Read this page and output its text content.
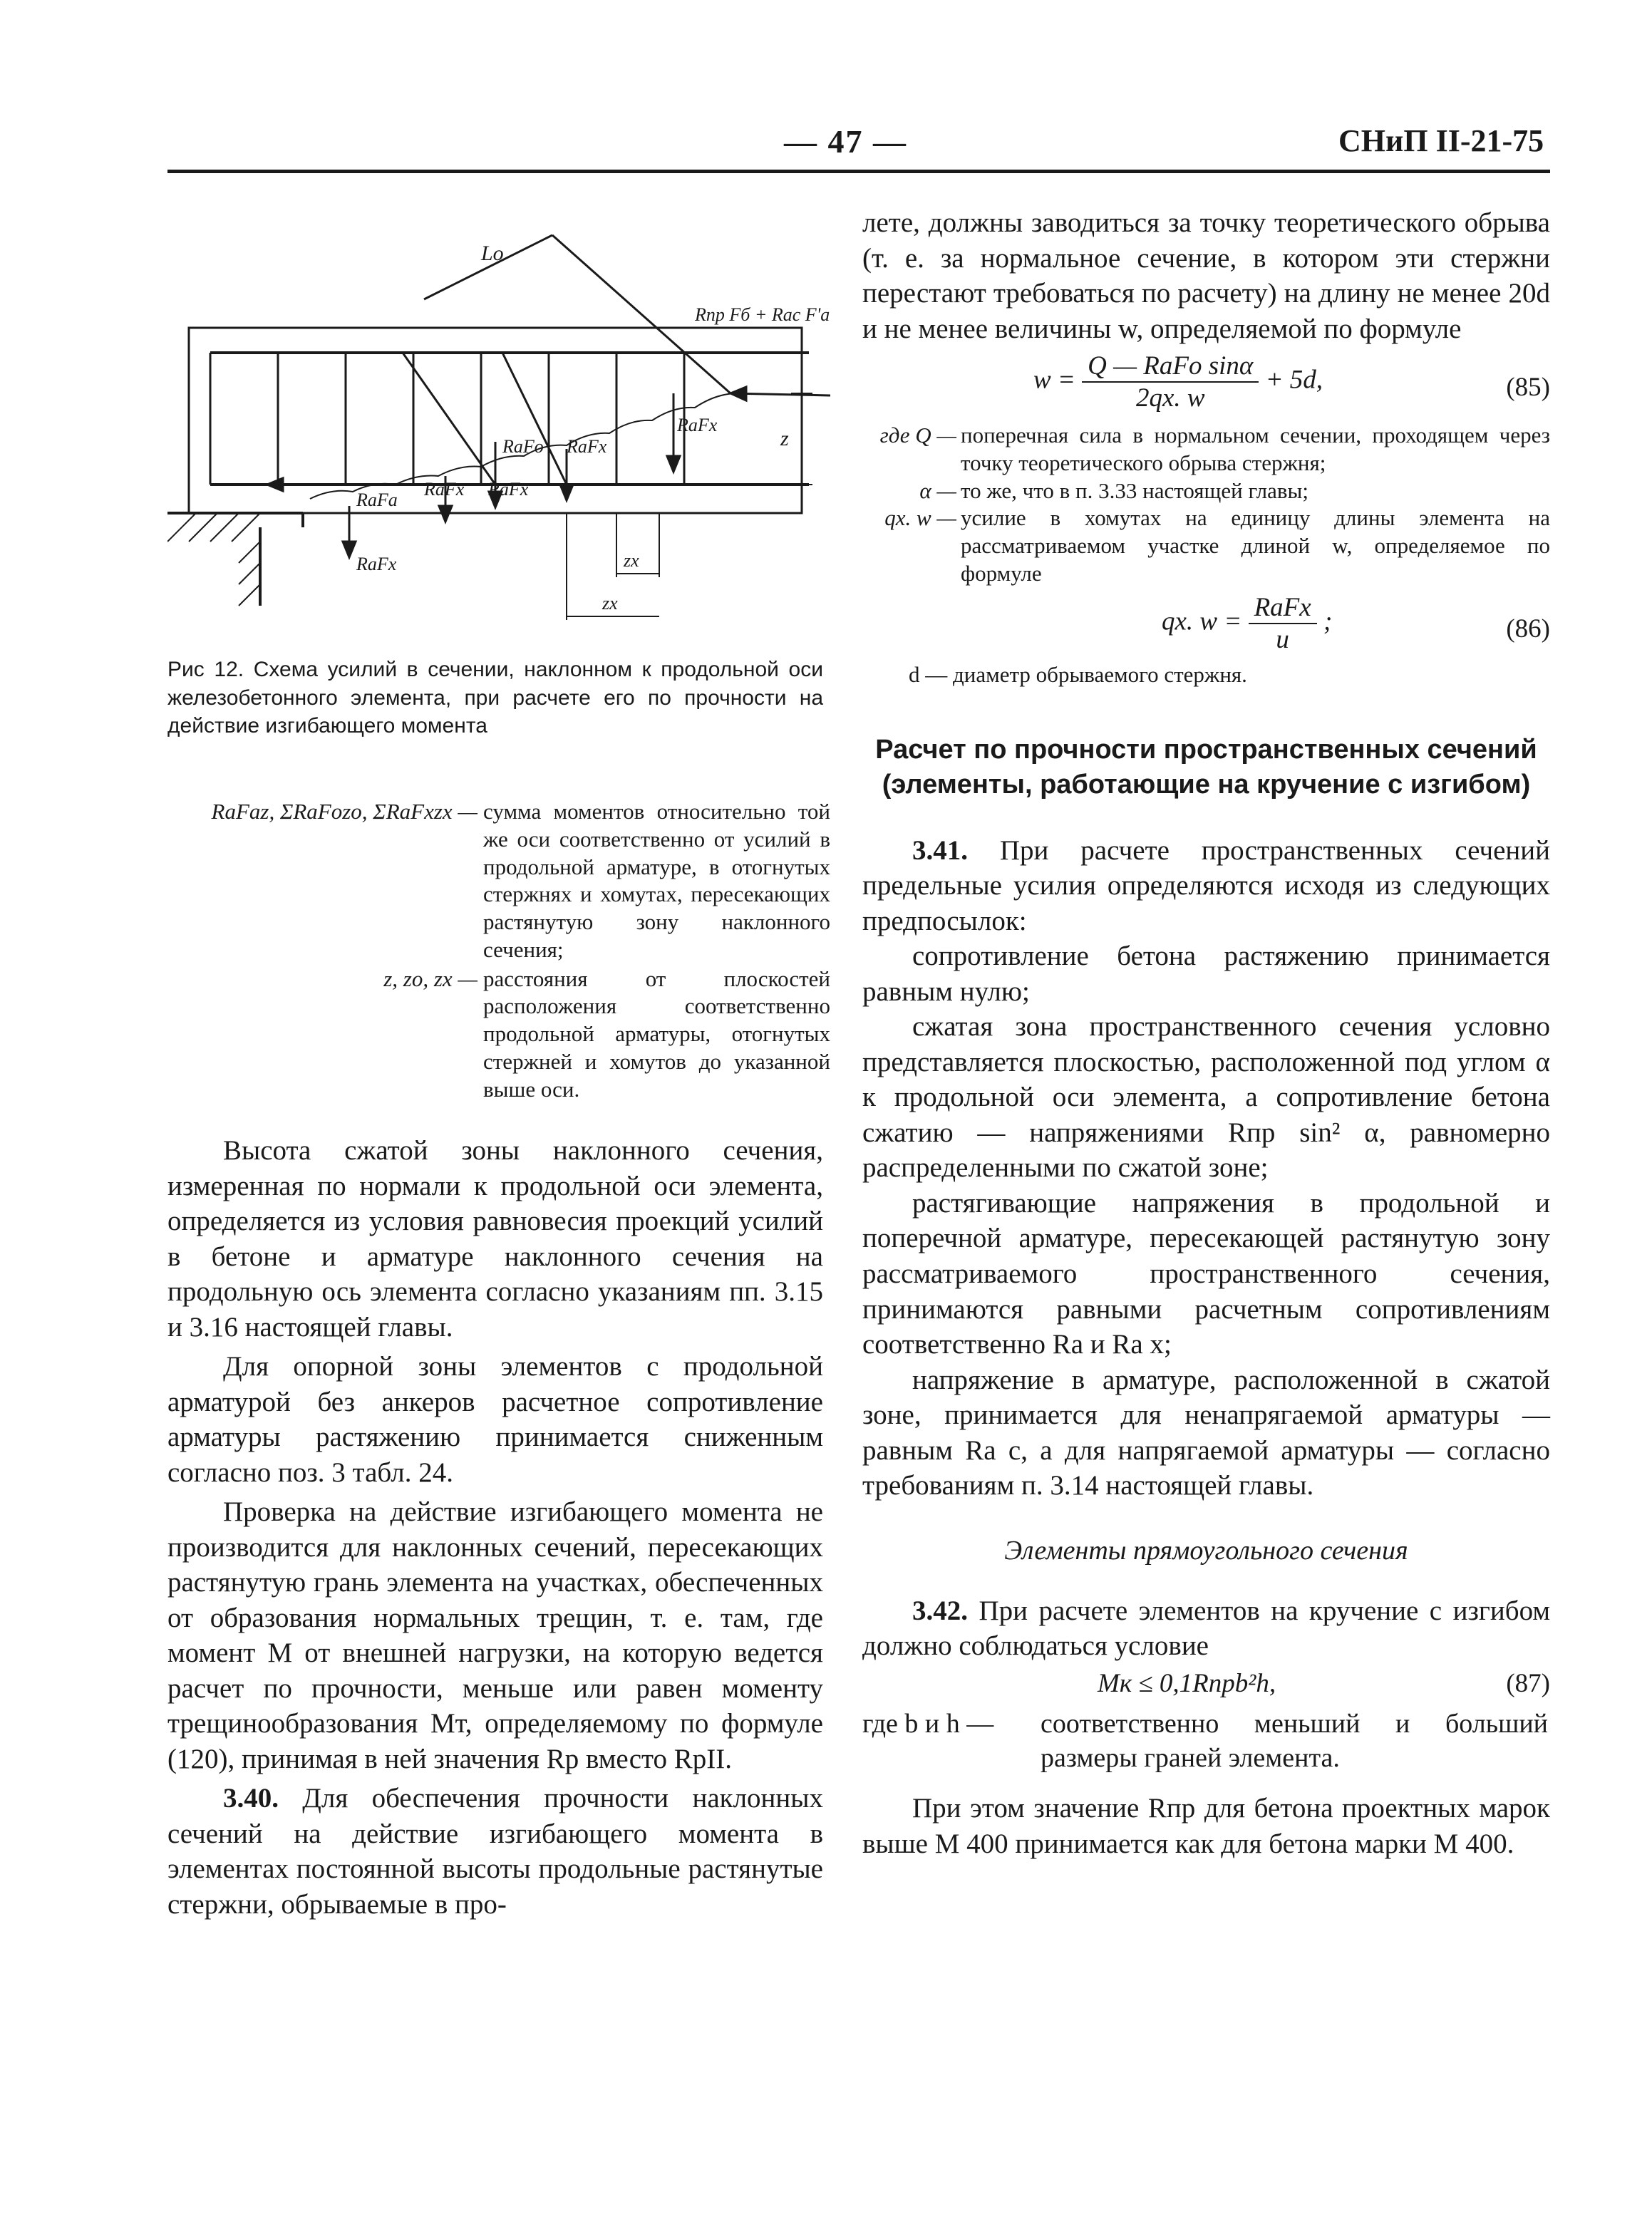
— 47 —	СНиП II-21-75
Lo
Rпр Fб + Rас F'а
RаFх
RаFх
RаFо
RаFх RаFх
RаFа
RаFх
z
zх
zх
Рис 12. Схема усилий в сечении, наклонном к продольной оси железобетонного элемента, при расчете его по прочности на действие изгибающего момента
RаFаz, ΣRаFоzо, ΣRаFхzх — сумма моментов относительно той же оси соответственно от усилий в продольной арматуре, в отогнутых стержнях и хомутах, пересекающих растянутую зону наклонного сечения;
z, zо, zх — расстояния от плоскостей расположения соответственно продольной арматуры, отогнутых стержней и хомутов до указанной выше оси.

Высота сжатой зоны наклонного сечения, измеренная по нормали к продольной оси элемента, определяется из условия равновесия проекций усилий в бетоне и арматуре наклонного сечения на продольную ось элемента согласно указаниям пп. 3.15 и 3.16 настоящей главы.

Для опорной зоны элементов с продольной арматурой без анкеров расчетное сопротивление арматуры растяжению принимается сниженным согласно поз. 3 табл. 24.

Проверка на действие изгибающего момента не производится для наклонных сечений, пересекающих растянутую грань элемента на участках, обеспеченных от образования нормальных трещин, т. е. там, где момент M от внешней нагрузки, на которую ведется расчет по прочности, меньше или равен моменту трещинообразования Mт, определяемому по формуле (120), принимая в ней значения Rр вместо RрII.

3.40. Для обеспечения прочности наклонных сечений на действие изгибающего момента в элементах постоянной высоты продольные растянутые стержни, обрываемые в про-

лете, должны заводиться за точку теоретического обрыва (т. е. за нормальное сечение, в котором эти стержни перестают требоваться по расчету) на длину не менее 20d и не менее величины w, определяемой по формуле

$w = \frac{\text{Q — RаFо sinα}}{2qх. w} + 5d$,	(85)
где Q — поперечная сила в нормальном сечении, проходящем через точку теоретического обрыва стержня;
α — то же, что в п. 3.33 настоящей главы;
qх. w — усилие в хомутах на единицу длины элемента на рассматриваемом участке длиной w, определяемое по формуле
qх. $w = \frac{\text{RаFх}}{u}$ ;	(86)

d — диаметр обрываемого стержня.

Расчет по прочности пространственных сечений (элементы, работающие на кручение с изгибом)

3.41. При расчете пространственных сечений предельные усилия определяются исходя из следующих предпосылок:

сопротивление бетона растяжению принимается равным нулю;

сжатая зона пространственного сечения условно представляется плоскостью, расположенной под углом α к продольной оси элемента, а сопротивление бетона сжатию — напряжениями Rпр sin² α, равномерно распределенными по сжатой зоне;

растягивающие напряжения в продольной и поперечной арматуре, пересекающей растянутую зону рассматриваемого пространственного сечения, принимаются равными расчетным сопротивлениям соответственно Rа и Rа х;

напряжение в арматуре, расположенной в сжатой зоне, принимается для ненапрягаемой арматуры — равным Rа с, а для напрягаемой арматуры — согласно требованиям п. 3.14 настоящей главы.

Элементы прямоугольного сечения

3.42. При расчете элементов на кручение с изгибом должно соблюдаться условие

Mк ≤ 0,1Rпрb²h,	(87)
где b и h —	соответственно меньший и больший размеры граней элемента.

При этом значение Rпр для бетона проектных марок выше М 400 принимается как для бетона марки М 400.
